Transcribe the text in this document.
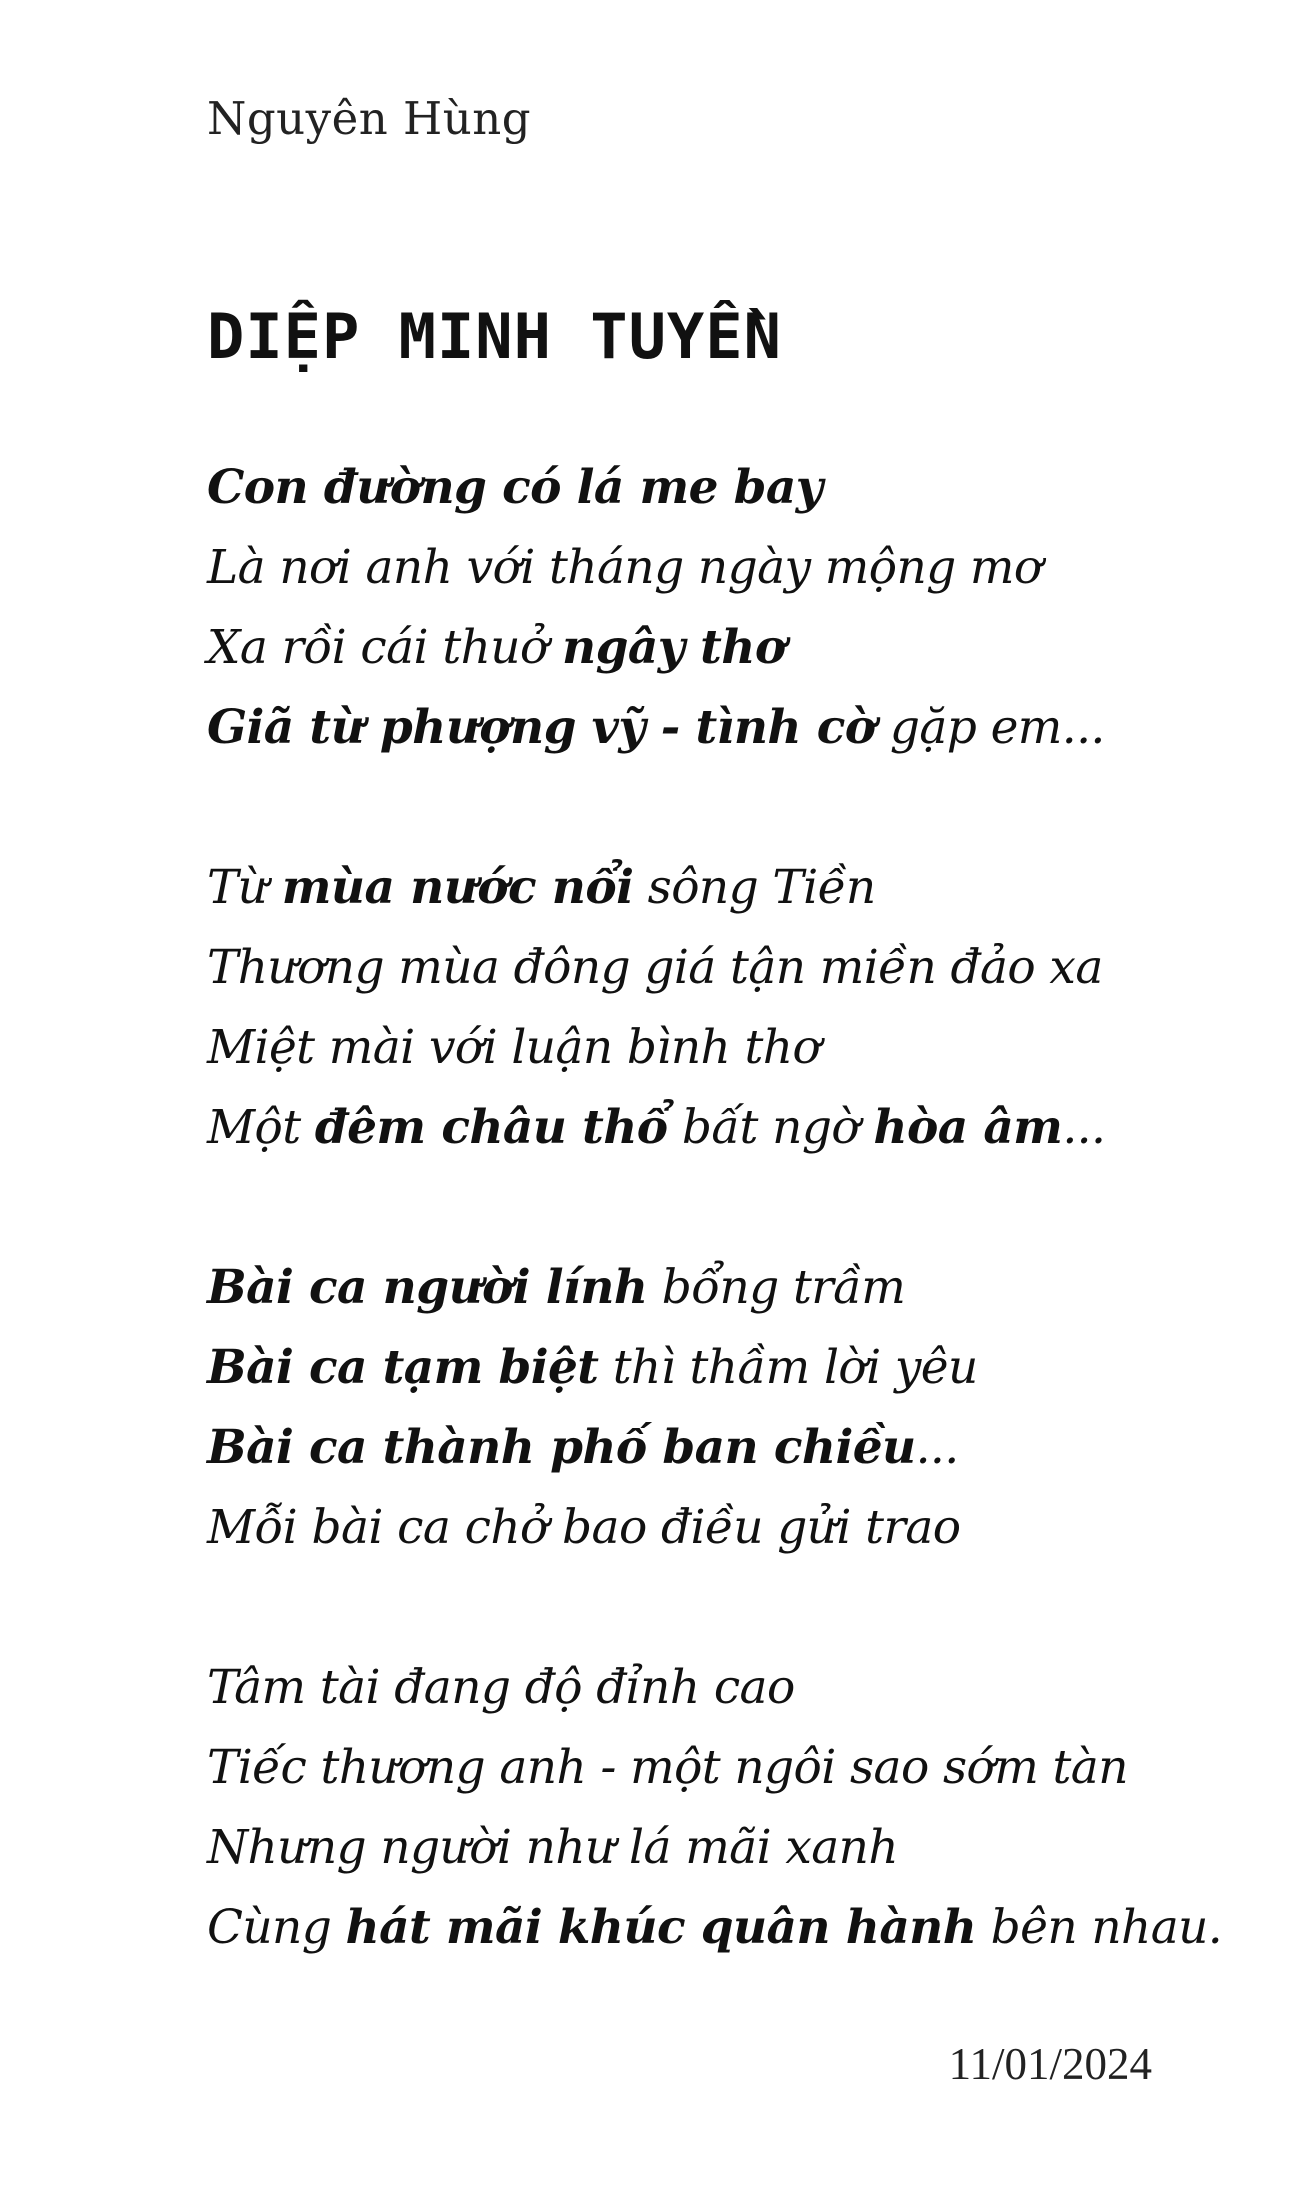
Nguyên Hùng
DIỆP MINH TUYỀN
Con đường có lá me bay
Là nơi anh với tháng ngày mộng mơ
Xa rồi cái thuở ngây thơ
Giã từ phượng vỹ - tình cờ gặp em...
Từ mùa nước nổi sông Tiền
Thương mùa đông giá tận miền đảo xa
Miệt mài với luận bình thơ
Một đêm châu thổ bất ngờ hòa âm...
Bài ca người lính bổng trầm
Bài ca tạm biệt thì thầm lời yêu
Bài ca thành phố ban chiều...
Mỗi bài ca chở bao điều gửi trao
Tâm tài đang độ đỉnh cao
Tiếc thương anh - một ngôi sao sớm tàn
Nhưng người như lá mãi xanh
Cùng hát mãi khúc quân hành bên nhau.
11/01/2024
